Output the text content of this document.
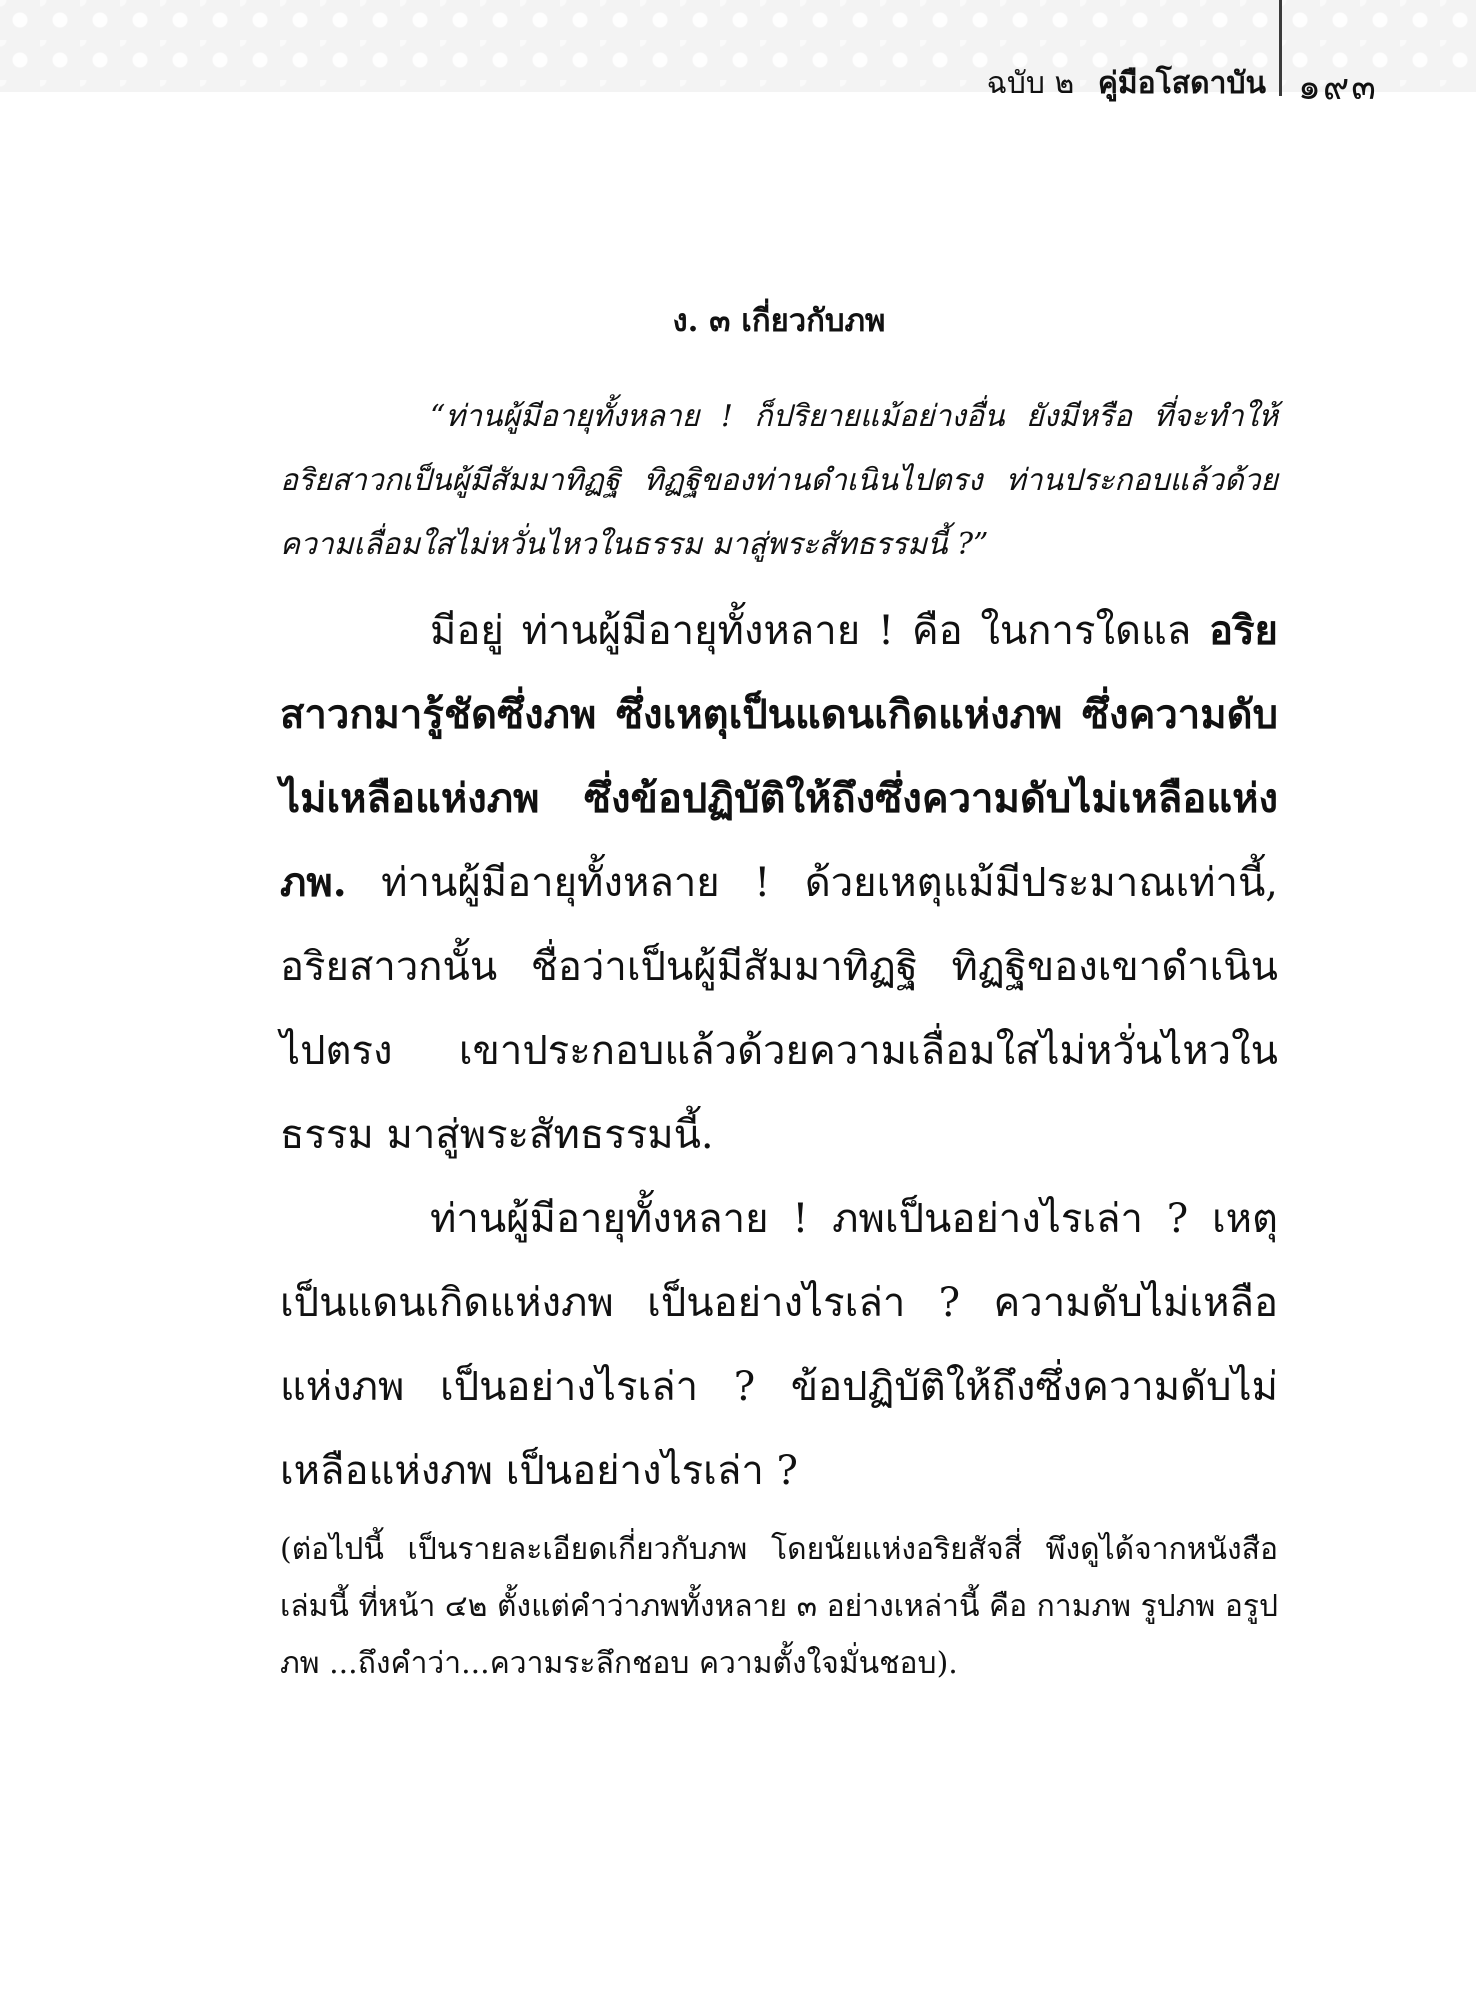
ฉบับ ๒ คู่มือโสดาบัน ๑๙๓
ง. ๓ เกี่ยวกับภพ

“ท่านผู้มีอายุทั้งหลาย ! ก็ปริยายแม้อย่างอื่น ยังมีหรือ ที่จะทำให้อริยสาวกเป็นผู้มีสัมมาทิฏฐิ ทิฏฐิของท่านดำเนินไปตรง ท่านประกอบแล้วด้วยความเลื่อมใสไม่หวั่นไหวในธรรม มาสู่พระสัทธรรมนี้ ?”

มีอยู่ ท่านผู้มีอายุทั้งหลาย ! คือ ในการใดแล อริยสาวกมารู้ชัดซึ่งภพ ซึ่งเหตุเป็นแดนเกิดแห่งภพ ซึ่งความดับไม่เหลือแห่งภพ ซึ่งข้อปฏิบัติให้ถึงซึ่งความดับไม่เหลือแห่งภพ. ท่านผู้มีอายุทั้งหลาย ! ด้วยเหตุแม้มีประมาณเท่านี้, อริยสาวกนั้น ชื่อว่าเป็นผู้มีสัมมาทิฏฐิ ทิฏฐิของเขาดำเนินไปตรง เขาประกอบแล้วด้วยความเลื่อมใสไม่หวั่นไหวในธรรม มาสู่พระสัทธรรมนี้.

ท่านผู้มีอายุทั้งหลาย ! ภพเป็นอย่างไรเล่า ? เหตุเป็นแดนเกิดแห่งภพ เป็นอย่างไรเล่า ? ความดับไม่เหลือแห่งภพ เป็นอย่างไรเล่า ? ข้อปฏิบัติให้ถึงซึ่งความดับไม่เหลือแห่งภพ เป็นอย่างไรเล่า ?

(ต่อไปนี้ เป็นรายละเอียดเกี่ยวกับภพ โดยนัยแห่งอริยสัจสี่ พึงดูได้จากหนังสือเล่มนี้ ที่หน้า ๔๒ ตั้งแต่คำว่าภพทั้งหลาย ๓ อย่างเหล่านี้ คือ กามภพ รูปภพ อรูปภพ ...ถึงคำว่า...ความระลึกชอบ ความตั้งใจมั่นชอบ).
